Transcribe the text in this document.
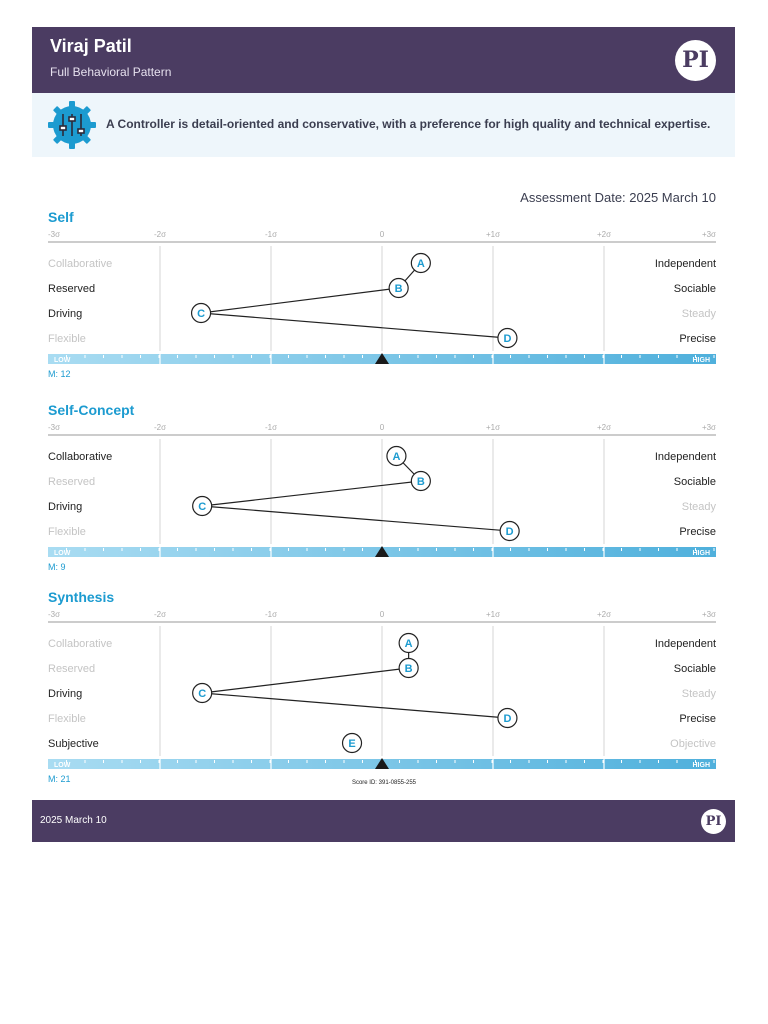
Viraj Patil
Full Behavioral Pattern	PI
A Controller is detail-oriented and conservative, with a preference for high quality and technical expertise.
Assessment Date: 2025 March 10
Self
-3σ	-2σ	-1σ	0	+1σ	+2σ	+3σ
Collaborative	Independent
Reserved	Sociable
Driving	Steady
Flexible	Precise
A
B
C
D
LOW	HIGH
M: 12
Self-Concept
-3σ	-2σ	-1σ	0	+1σ	+2σ	+3σ
Collaborative	Independent
Reserved	Sociable
Driving	Steady
Flexible	Precise
A
B
C
D
LOW	HIGH
M: 9
Synthesis
-3σ	-2σ	-1σ	0	+1σ	+2σ	+3σ
Collaborative	Independent
Reserved	Sociable
Driving	Steady
Flexible	Precise
Subjective	Objective
A
B
C
D
E
LOW	HIGH
M: 21	Score ID: 391-0855-255
2025 March 10	PI
